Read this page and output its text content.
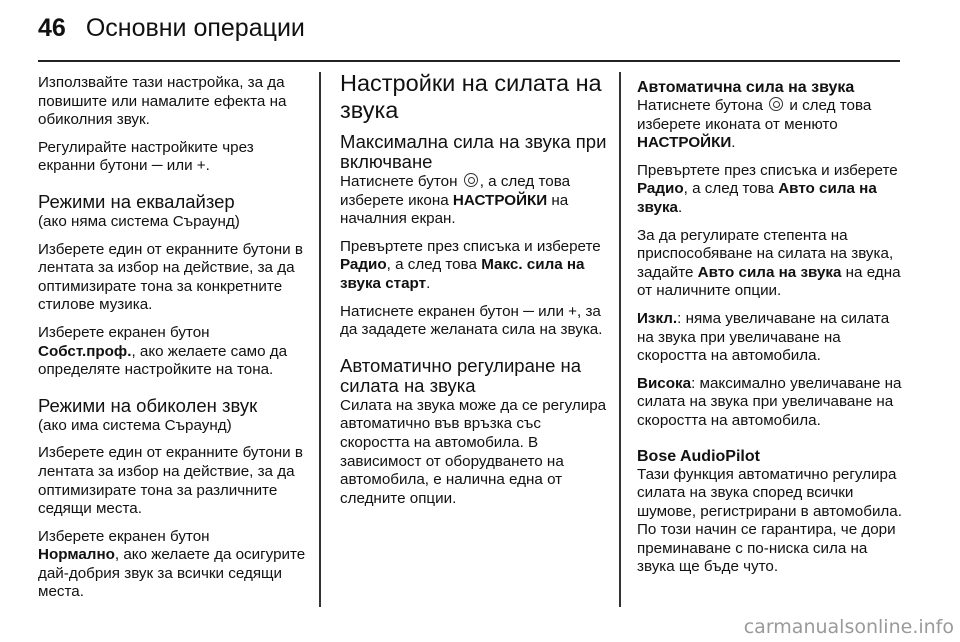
46 Основни операции

Използвайте тази настройка, за да повишите или намалите ефекта на обиколния звук.

Регулирайте настройките чрез екранни бутони ─ или +.

Режими на еквалайзер

(ако няма система Съраунд)

Изберете един от екранните бутони в лентата за избор на действие, за да оптимизирате тона за конкретните стилове музика.

Изберете екранен бутон
Собст.проф., ако желаете само да определяте настройките на тона.

Режими на обиколен звук

(ако има система Съраунд)

Изберете един от екранните бутони в лентата за избор на действие, за да оптимизирате тона за различните седящи места.

Изберете екранен бутон
Нормално, ако желаете да осигурите дай-добрия звук за всички седящи места.

Настройки на силата на звука
Максимална сила на звука при включване

Натиснете бутон , а след това изберете икона НАСТРОЙКИ на началния екран.

Превъртете през списъка и изберете Радио, а след това Макс. сила на звука старт.

Натиснете екранен бутон ─ или +, за да зададете желаната сила на звука.

Автоматично регулиране на силата на звука

Силата на звука може да се регулира автоматично във връзка със скоростта на автомобила. В зависимост от оборудването на автомобила, е налична една от следните опции.

Автоматична сила на звука

Натиснете бутона  и след това изберете иконата от менюто НАСТРОЙКИ.

Превъртете през списъка и изберете Радио, а след това Авто сила на звука.

За да регулирате степента на приспособяване на силата на звука, задайте Авто сила на звука на една от наличните опции.

Изкл.: няма увеличаване на силата на звука при увеличаване на скоростта на автомобила.

Висока: максимално увеличаване на силата на звука при увеличаване на скоростта на автомобила.

Bose AudioPilot

Тази функция автоматично регулира силата на звука според всички шумове, регистрирани в автомобила. По този начин се гарантира, че дори преминаване с по-ниска сила на звука ще бъде чуто.

carmanualsonline.info
